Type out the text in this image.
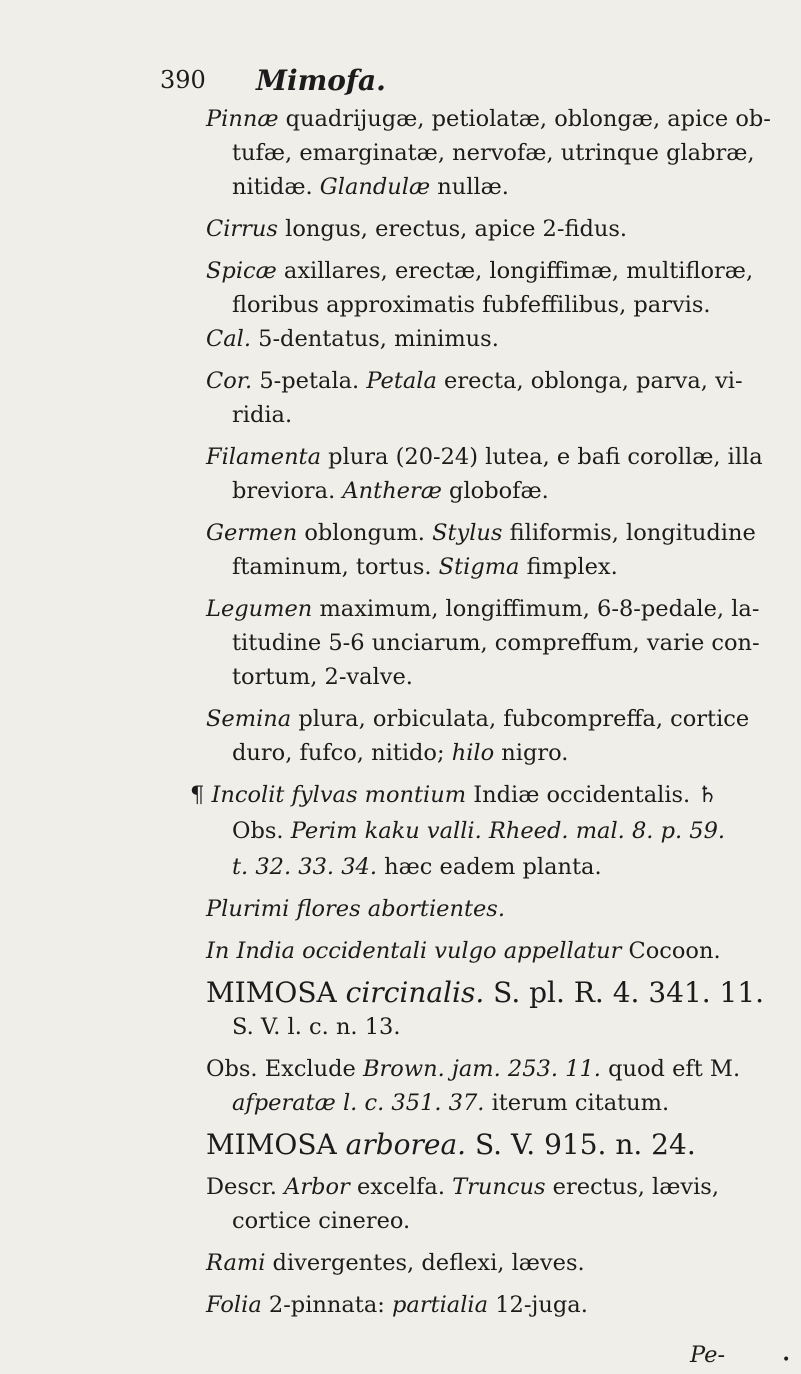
390 Mimofa.
Pinnæ quadrijugæ, petiolatæ, oblongæ, apice ob-
tufæ, emarginatæ, nervofæ, utrinque glabræ,
nitidæ. Glandulæ nullæ.
Cirrus longus, erectus, apice 2-fidus.
Spicæ axillares, erectæ, longiffimæ, multifloræ,
floribus approximatis fubfeffilibus, parvis.
Cal. 5-dentatus, minimus.
Cor. 5-petala. Petala erecta, oblonga, parva, vi-
ridia.
Filamenta plura (20-24) lutea, e bafi corollæ, illa
breviora. Antheræ globofæ.
Germen oblongum. Stylus filiformis, longitudine
ftaminum, tortus. Stigma fimplex.
Legumen maximum, longiffimum, 6-8-pedale, la-
titudine 5-6 unciarum, compreffum, varie con-
tortum, 2-valve.
Semina plura, orbiculata, fubcompreffa, cortice
duro, fufco, nitido; hilo nigro.
¶ Incolit fylvas montium Indiæ occidentalis. ♄
Obs. Perim kaku valli. Rheed. mal. 8. p. 59.
t. 32. 33. 34. hæc eadem planta.
Plurimi flores abortientes.
In India occidentali vulgo appellatur Cocoon.
MIMOSA circinalis. S. pl. R. 4. 341. 11.
S. V. l. c. n. 13.
Obs. Exclude Brown. jam. 253. 11. quod eft M.
afperatæ l. c. 351. 37. iterum citatum.
MIMOSA arborea. S. V. 915. n. 24.
Descr. Arbor excelfa. Truncus erectus, lævis,
cortice cinereo.
Rami divergentes, deflexi, læves.
Folia 2-pinnata: partialia 12-juga.
Pe-	•
